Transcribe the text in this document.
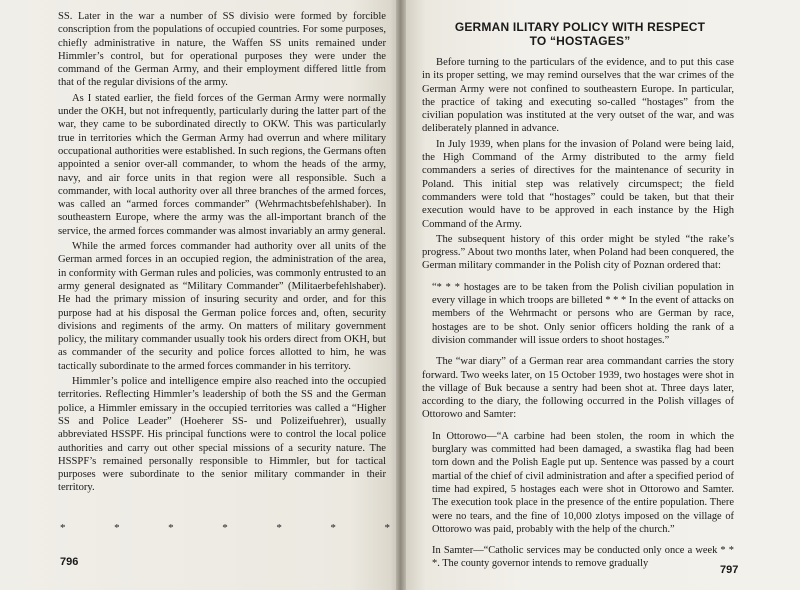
SS. Later in the war a number of SS divisio were formed by forcible conscription from the populations of occupied countries. For some purposes, chiefly administrative in nature, the Waffen SS units remained under Himmler’s control, but for operational purposes they were under the command of the German Army, and their employment differed little from that of the regular divisions of the army.

As I stated earlier, the field forces of the German Army were normally under the OKH, but not infrequently, particularly during the latter part of the war, they came to be subordinated directly to OKW. This was particularly true in territories which the German Army had overrun and where military occupational authorities were established. In such regions, the Germans often appointed a senior over-all commander, to whom the heads of the army, navy, and air force units in that region were all responsible. Such a commander, with local authority over all three branches of the armed forces, was called an “armed forces commander” (Wehrmachtsbefehlshaber). In southeastern Europe, where the army was the all-important branch of the service, the armed forces commander was almost invariably an army general.

While the armed forces commander had authority over all units of the German armed forces in an occupied region, the administration of the area, in conformity with German rules and policies, was commonly entrusted to an army general designated as “Military Commander” (Militaerbefehlshaber). He had the primary mission of insuring security and order, and for this purpose had at his disposal the German police forces and, often, security divisions and regiments of the army. On matters of military government policy, the military commander usually took his orders direct from OKH, but as commander of the security and police forces allotted to him, he was tactically subordinate to the armed forces commander in his territory.

Himmler’s police and intelligence empire also reached into the occupied territories. Reflecting Himmler’s leadership of both the SS and the German police, a Himmler emissary in the occupied territories was called a “Higher SS and Police Leader” (Hoeherer SS- und Polizeifuehrer), usually abbreviated HSSPF. His principal functions were to control the local police authorities and carry out other special missions of a security nature. The HSSPF’s remained personally responsible to Himmler, but for tactical purposes were subordinate to the senior military commander in their territory.

*	*	*	*	*	*	*
796
GERMAN ILITARY POLICY WITH RESPECT
TO “HOSTAGES”

Before turning to the particulars of the evidence, and to put this case in its proper setting, we may remind ourselves that the war crimes of the German Army were not confined to southeastern Europe. In particular, the practice of taking and executing so-called “hostages” from the civilian population was instituted at the very outset of the war, and was deliberately planned in advance.

In July 1939, when plans for the invasion of Poland were being laid, the High Command of the Army distributed to the army field commanders a series of directives for the maintenance of security in Poland. This initial step was relatively circumspect; the field commanders were told that “hostages” could be taken, but that their execution would have to be approved in each instance by the High Command of the Army.

The subsequent history of this order might be styled “the rake’s progress.” About two months later, when Poland had been conquered, the German military commander in the Polish city of Poznan ordered that:

“* * * hostages are to be taken from the Polish civilian population in every village in which troops are billeted * * * In the event of attacks on members of the Wehrmacht or persons who are German by race, hostages are to be shot. Only senior officers holding the rank of a division commander will issue orders to shoot hostages.”

The “war diary” of a German rear area commandant carries the story forward. Two weeks later, on 15 October 1939, two hostages were shot in the village of Buk because a sentry had been shot at. Three days later, according to the diary, the following occurred in the Polish villages of Ottorowo and Samter:

In Ottorowo—“A carbine had been stolen, the room in which the burglary was committed had been damaged, a swastika flag had been torn down and the Polish Eagle put up. Sentence was passed by a court martial of the chief of civil administration and after a specified period of time had expired, 5 hostages each were shot in Ottorowo and Samter. The execution took place in the presence of the entire population. There were no tears, and the fine of 10,000 zlotys imposed on the village of Ottorowo was paid, probably with the help of the church.”

In Samter—“Catholic services may be conducted only once a week * * *. The county governor intends to remove gradually

797
